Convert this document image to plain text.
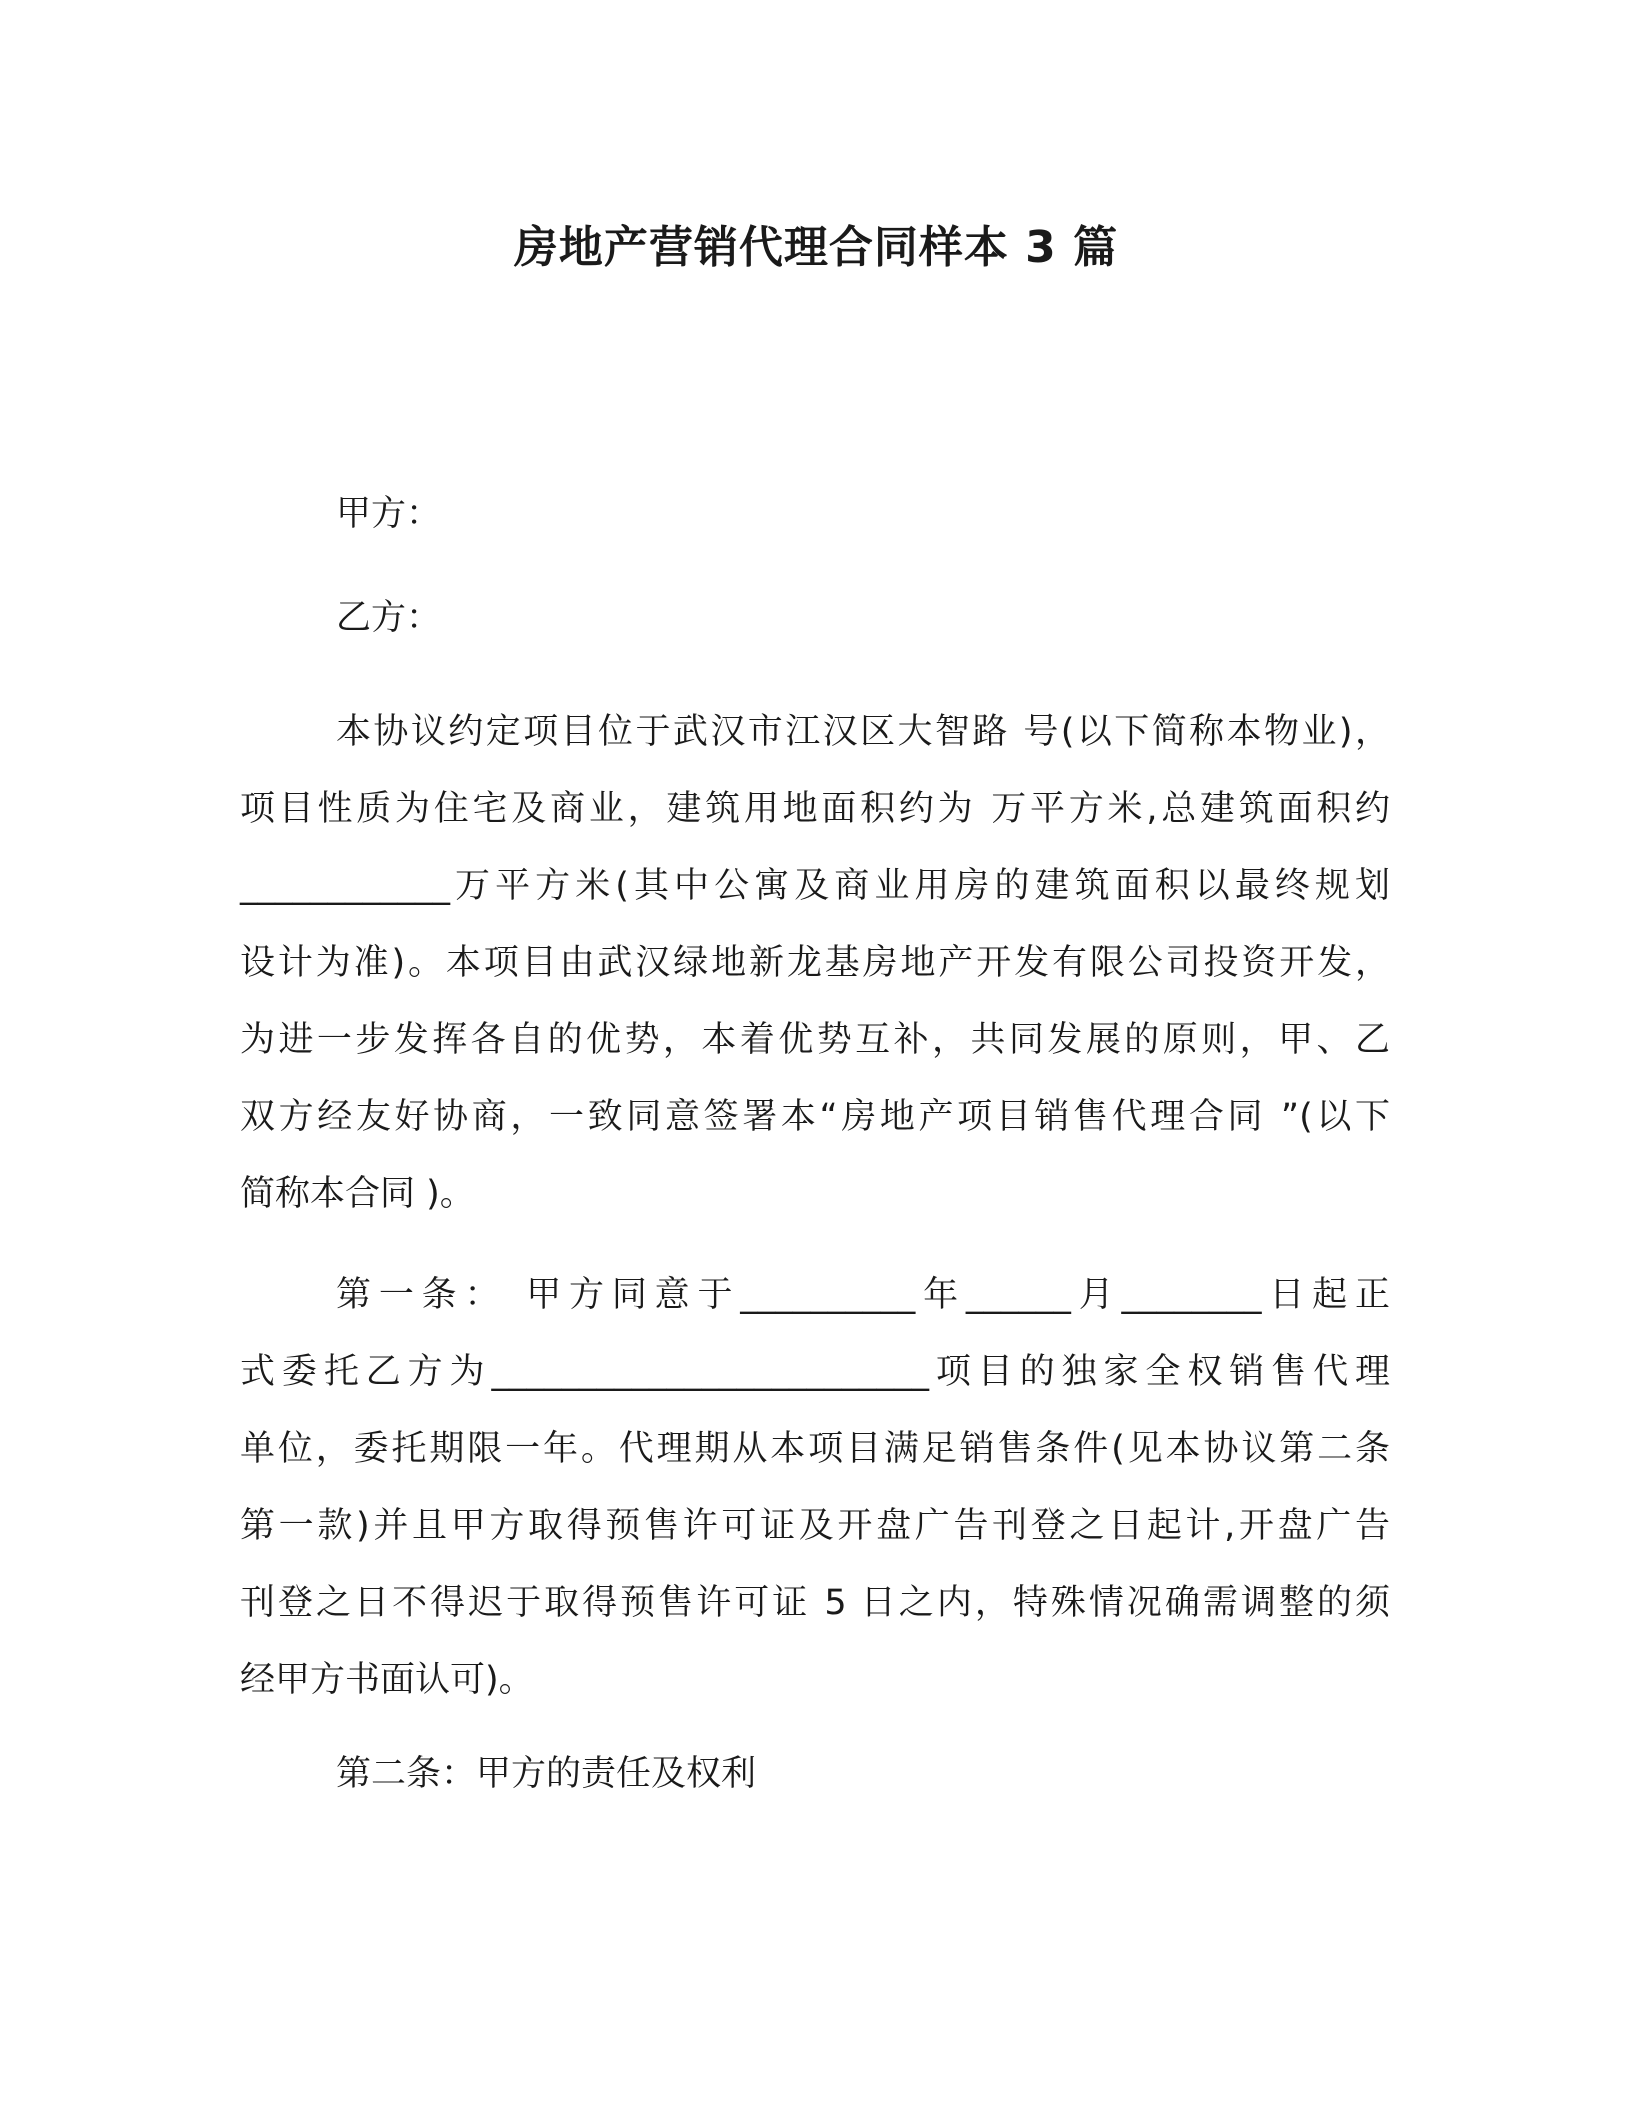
房地产营销代理合同样本 3 篇
甲方：
乙方：
本协议约定项目位于武汉市江汉区大智路 号(以下简称本物业)，
项目性质为住宅及商业，建筑用地面积约为 万平方米,总建筑面积约
____________万平方米(其中公寓及商业用房的建筑面积以最终规划
设计为准)。本项目由武汉绿地新龙基房地产开发有限公司投资开发，
为进一步发挥各自的优势，本着优势互补，共同发展的原则，甲、乙
双方经友好协商，一致同意签署本“房地产项目销售代理合同 ”(以下
简称本合同 )。
第一条： 甲方同意于__________年______月________日起正
式委托乙方为_________________________项目的独家全权销售代理
单位，委托期限一年。代理期从本项目满足销售条件(见本协议第二条
第一款)并且甲方取得预售许可证及开盘广告刊登之日起计,开盘广告
刊登之日不得迟于取得预售许可证 5 日之内，特殊情况确需调整的须
经甲方书面认可)。
第二条：甲方的责任及权利
